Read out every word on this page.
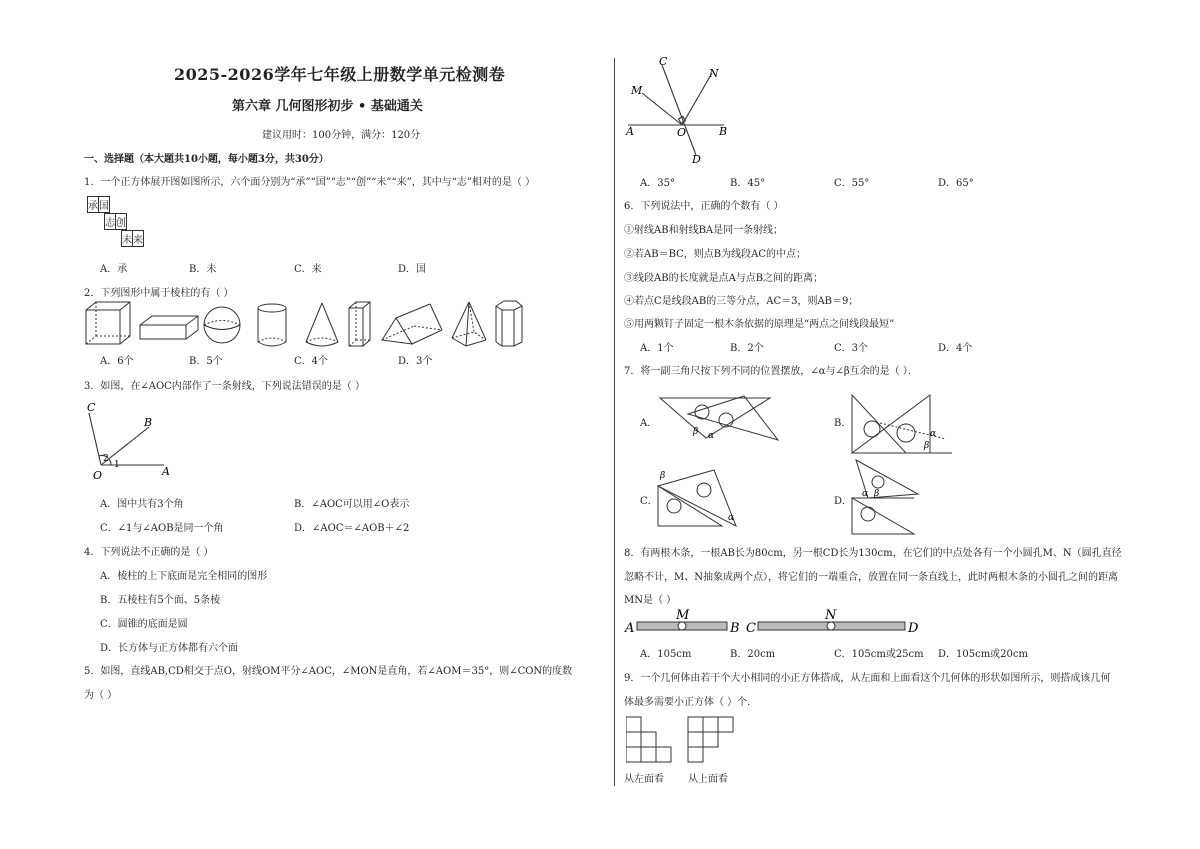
2025-2026学年七年级上册数学单元检测卷
第六章 几何图形初步 • 基础通关
建议用时：100分钟，满分：120分
一、选择题（本大题共10小题，每小题3分，共30分）
1．一个正方体展开图如图所示，六个面分别为“承”“国”“志”“创”“未”“来”，其中与“志”相对的是（ ）
承	国
志	创
未	来
A．承	B．未	C．来	D．国
2．下列图形中属于棱柱的有（ ）
A．6个	B．5个	C．4个	D．3个
3．如图，在∠AOC内部作了一条射线，下列说法错误的是（ ）
C
B
O	A
1
2
A．图中共有3个角	B．∠AOC可以用∠O表示
C．∠1与∠AOB是同一个角	D．∠AOC＝∠AOB＋∠2
4．下列说法不正确的是（ ）
A．棱柱的上下底面是完全相同的图形
B．五棱柱有5个面、5条棱
C．圆锥的底面是圆
D．长方体与正方体都有六个面
5．如图，直线AB,CD相交于点O，射线OM平分∠AOC，∠MON是直角，若∠AOM＝35°，则∠CON的度数
为（ ）
C
N
M
A	O	B
D
A．35°	B．45°	C．55°	D．65°
6．下列说法中，正确的个数有（ ）
①射线AB和射线BA是同一条射线；
②若AB＝BC，则点B为线段AC的中点；
③线段AB的长度就是点A与点B之间的距离；
④若点C是线段AB的三等分点，AC＝3，则AB＝9；
⑤用两颗钉子固定一根木条依据的原理是“两点之间线段最短”
A．1个	B．2个	C．3个	D．4个
7．将一副三角尺按下列不同的位置摆放，∠α与∠β互余的是（ ）．
A．	B．
C．	D．
β α	α
β
β
α
α β
8．有两根木条，一根AB长为80cm，另一根CD长为130cm，在它们的中点处各有一个小圆孔M、N（圆孔直径
忽略不计，M、N抽象成两个点），将它们的一端重合，放置在同一条直线上，此时两根木条的小圆孔之间的距离
MN是（ ）
A
M
B C
N
D
A．105cm	B．20cm	C．105cm或25cm D．105cm或20cm
9．一个几何体由若干个大小相同的小正方体搭成，从左面和上面看这个几何体的形状如图所示，则搭成该几何
体最多需要小正方体（ ）个．
从左面看 从上面看
